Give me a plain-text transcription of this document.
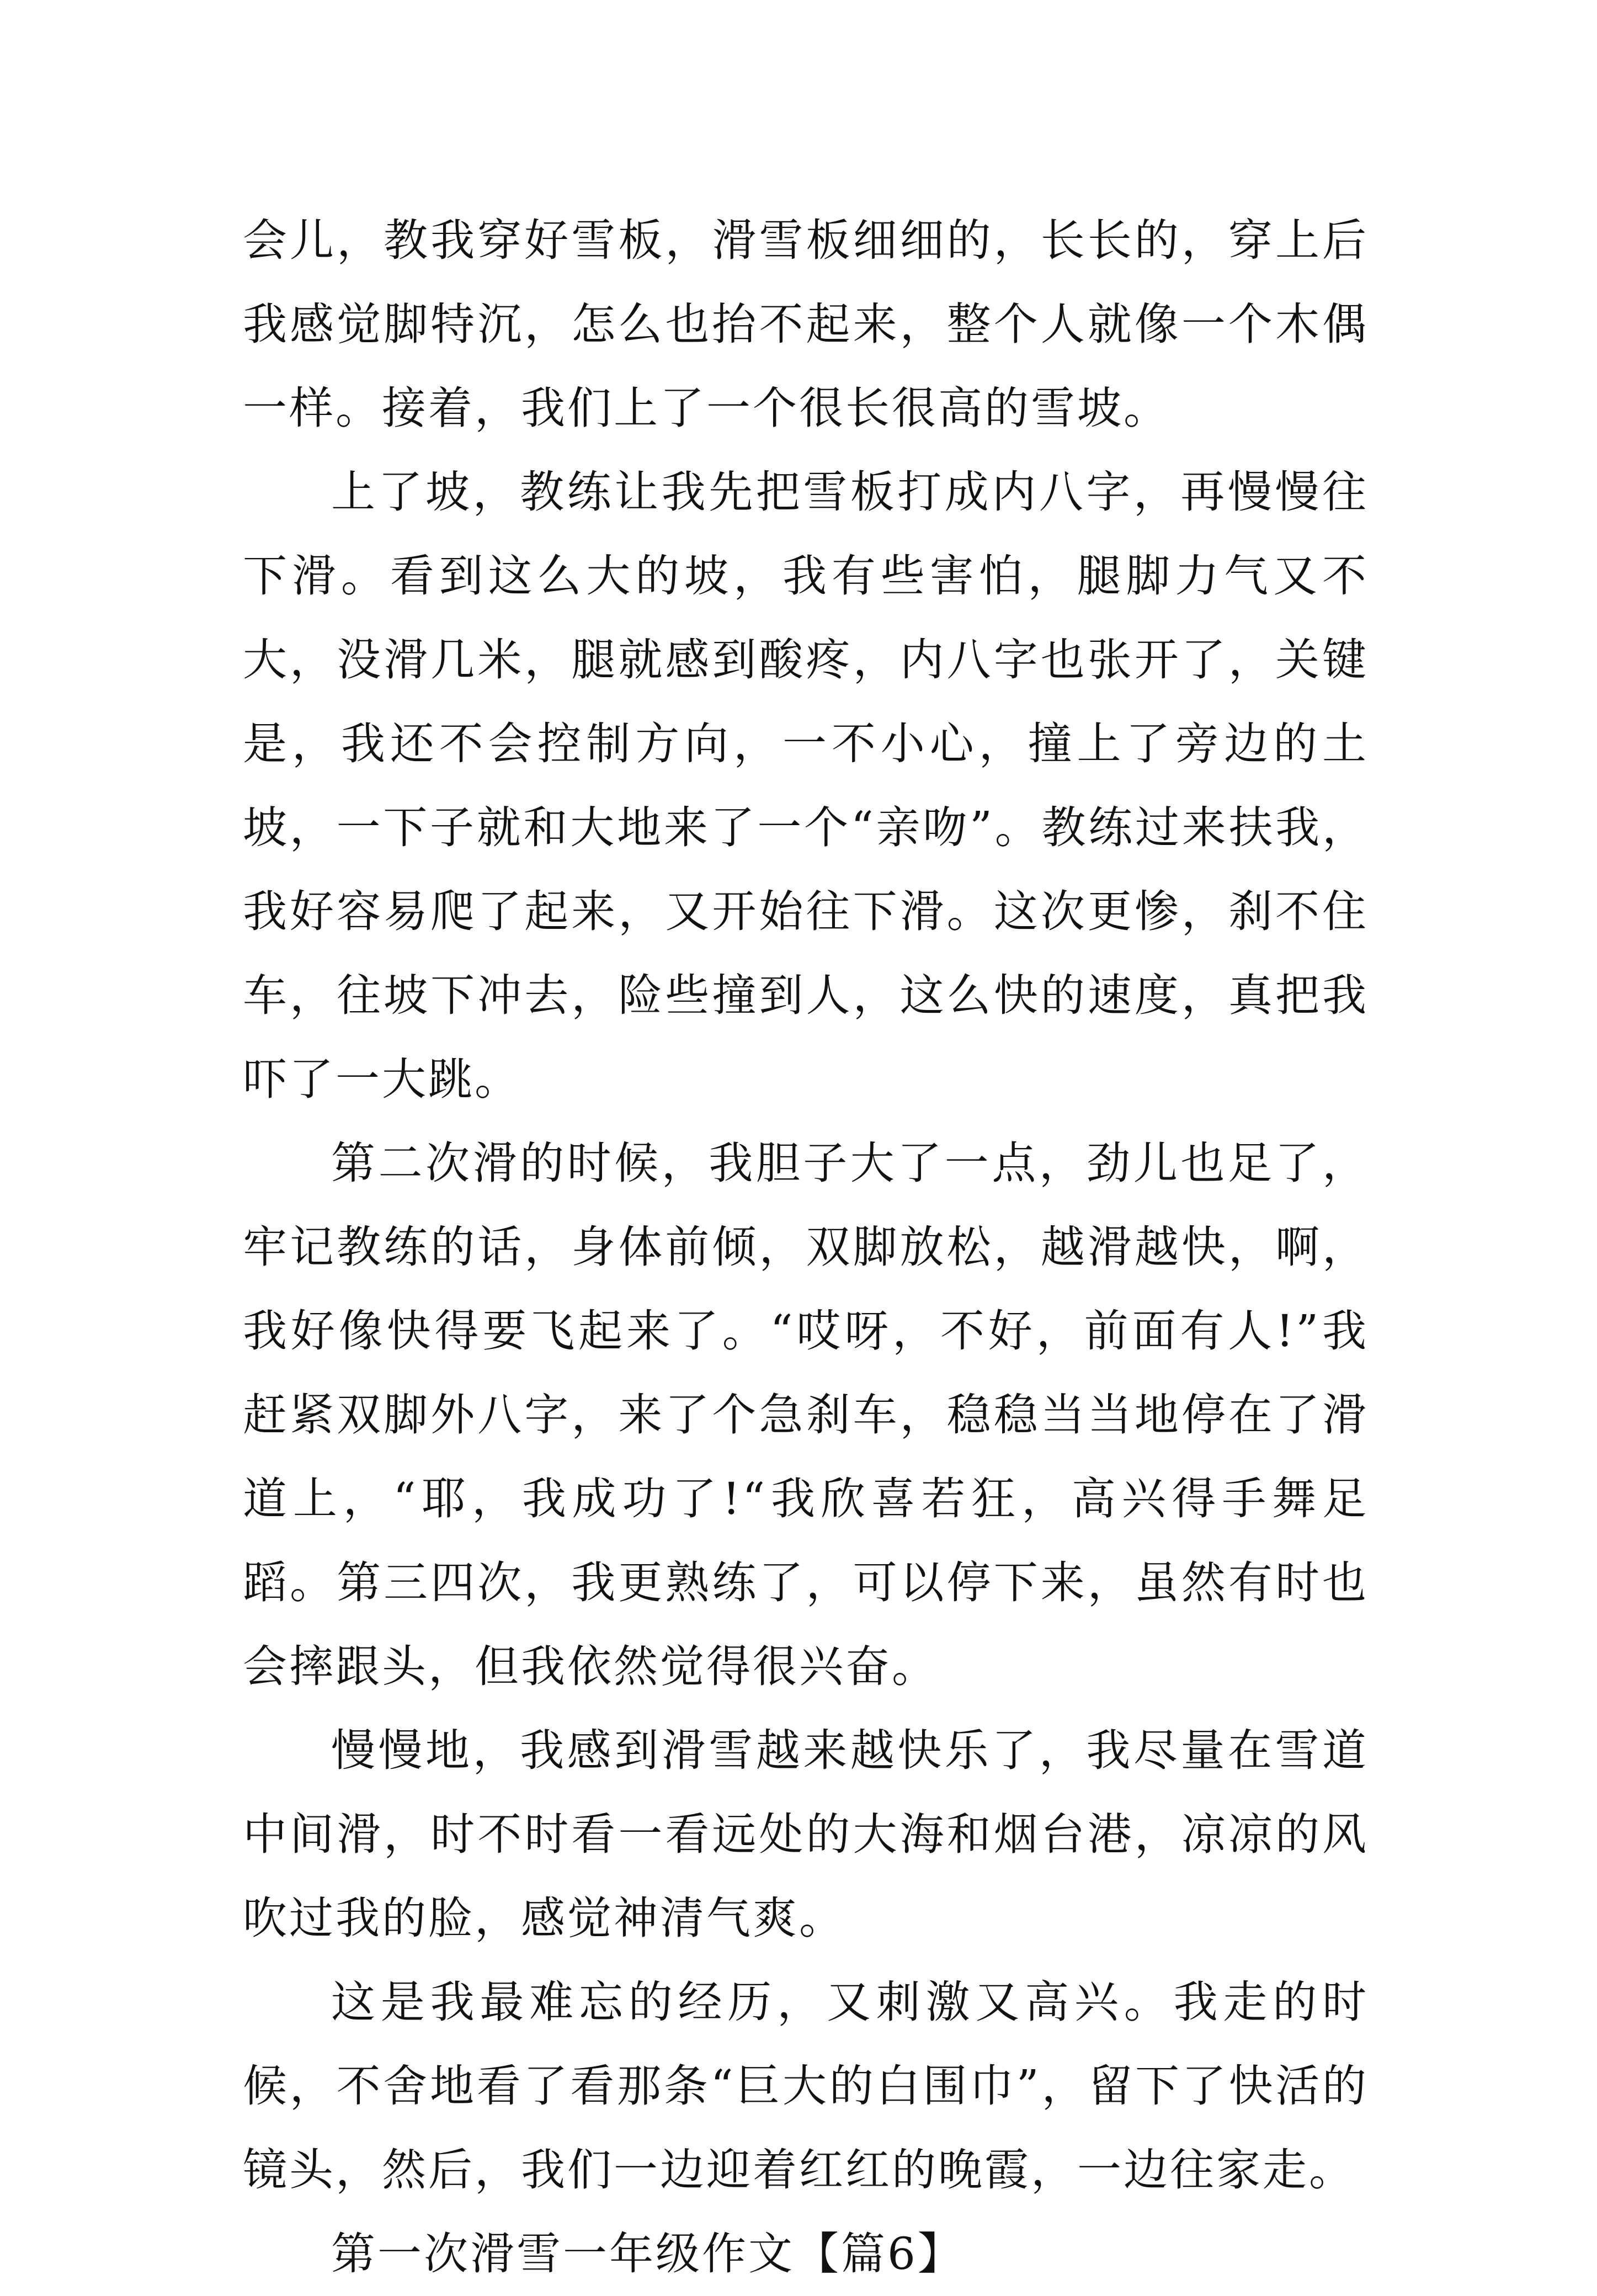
会儿，教我穿好雪板，滑雪板细细的，长长的，穿上后我感觉脚特沉，怎么也抬不起来，整个人就像一个木偶一样。接着，我们上了一个很长很高的雪坡。

上了坡，教练让我先把雪板打成内八字，再慢慢往下滑。看到这么大的坡，我有些害怕，腿脚力气又不大，没滑几米，腿就感到酸疼，内八字也张开了，关键是，我还不会控制方向，一不小心，撞上了旁边的土坡，一下子就和大地来了一个“亲吻”。教练过来扶我，我好容易爬了起来，又开始往下滑。这次更惨，刹不住车，往坡下冲去，险些撞到人，这么快的速度，真把我吓了一大跳。

第二次滑的时候，我胆子大了一点，劲儿也足了，牢记教练的话，身体前倾，双脚放松，越滑越快，啊，我好像快得要飞起来了。“哎呀，不好，前面有人!”我赶紧双脚外八字，来了个急刹车，稳稳当当地停在了滑道上，“耶，我成功了!“我欣喜若狂，高兴得手舞足蹈。第三四次，我更熟练了，可以停下来，虽然有时也会摔跟头，但我依然觉得很兴奋。

慢慢地，我感到滑雪越来越快乐了，我尽量在雪道中间滑，时不时看一看远处的大海和烟台港，凉凉的风吹过我的脸，感觉神清气爽。

这是我最难忘的经历，又刺激又高兴。我走的时候，不舍地看了看那条“巨大的白围巾”，留下了快活的镜头，然后，我们一边迎着红红的晚霞，一边往家走。

第一次滑雪一年级作文【篇6】
